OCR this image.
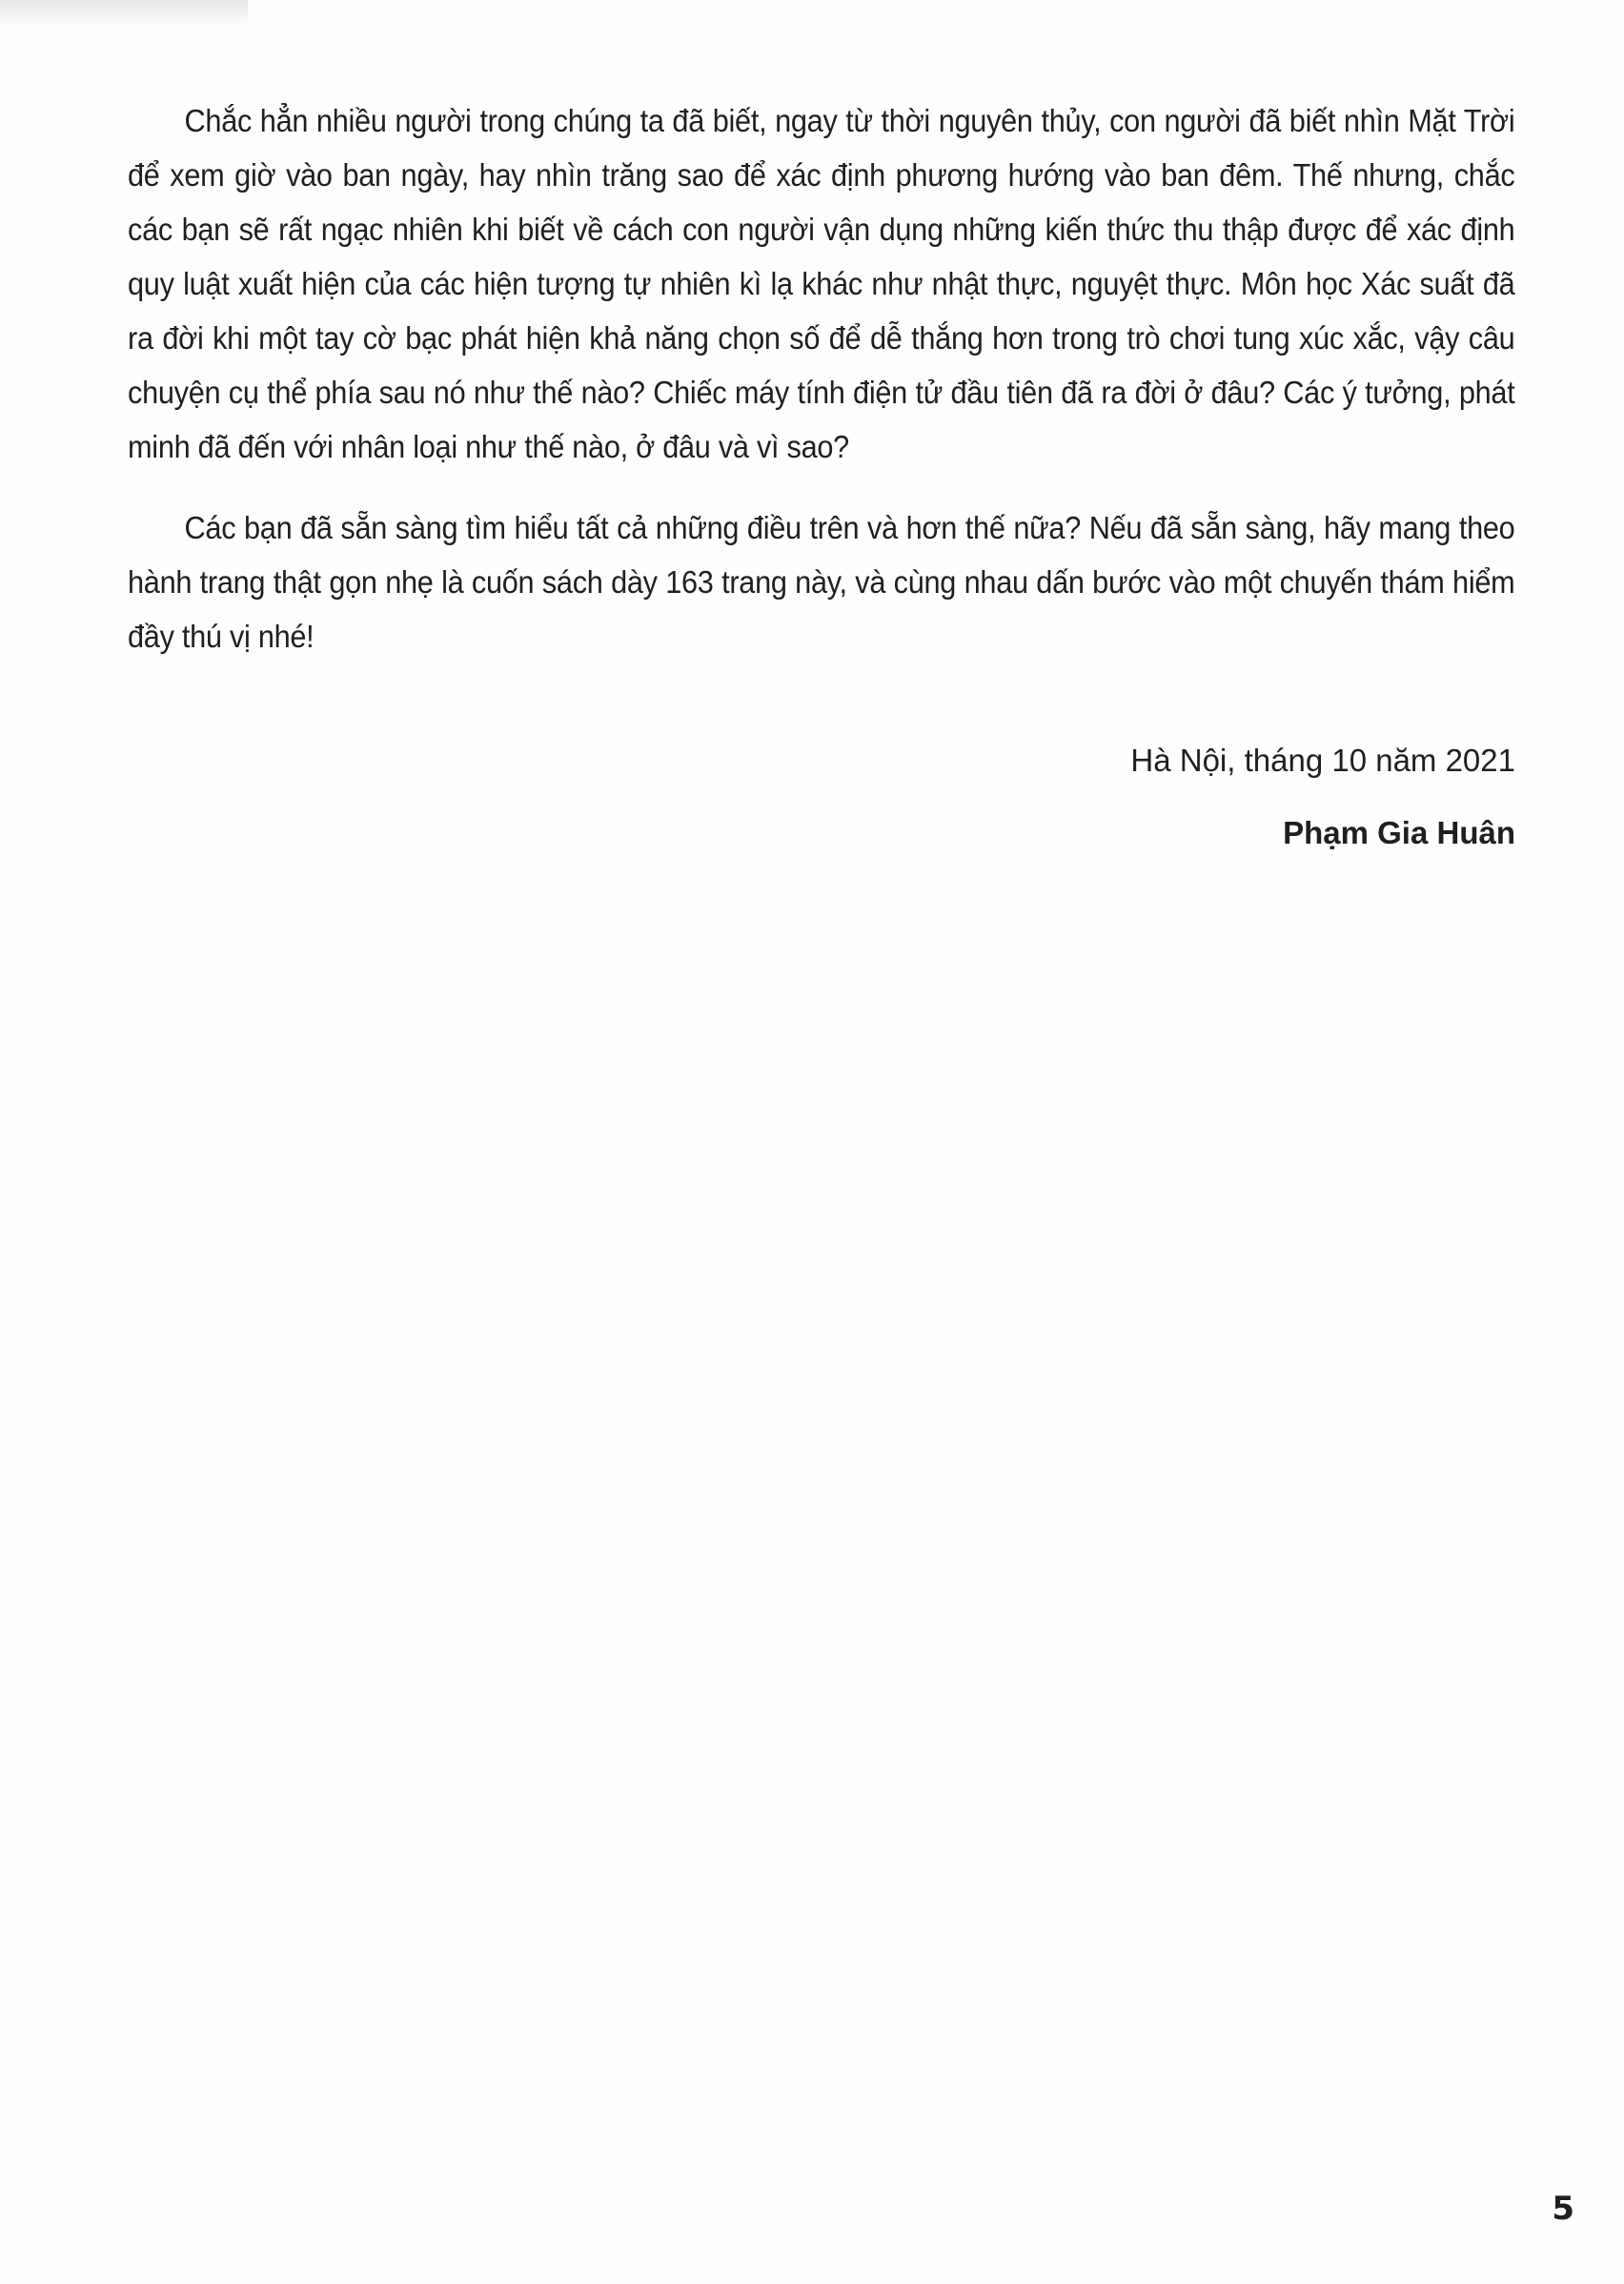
Chắc hẳn nhiều người trong chúng ta đã biết, ngay từ thời nguyên thủy, con người đã biết nhìn Mặt Trời để xem giờ vào ban ngày, hay nhìn trăng sao để xác định phương hướng vào ban đêm. Thế nhưng, chắc các bạn sẽ rất ngạc nhiên khi biết về cách con người vận dụng những kiến thức thu thập được để xác định quy luật xuất hiện của các hiện tượng tự nhiên kì lạ khác như nhật thực, nguyệt thực. Môn học Xác suất đã ra đời khi một tay cờ bạc phát hiện khả năng chọn số để dễ thắng hơn trong trò chơi tung xúc xắc, vậy câu chuyện cụ thể phía sau nó như thế nào? Chiếc máy tính điện tử đầu tiên đã ra đời ở đâu? Các ý tưởng, phát minh đã đến với nhân loại như thế nào, ở đâu và vì sao?

Các bạn đã sẵn sàng tìm hiểu tất cả những điều trên và hơn thế nữa? Nếu đã sẵn sàng, hãy mang theo hành trang thật gọn nhẹ là cuốn sách dày 163 trang này, và cùng nhau dấn bước vào một chuyến thám hiểm đầy thú vị nhé!

Hà Nội, tháng 10 năm 2021
Phạm Gia Huân
5
